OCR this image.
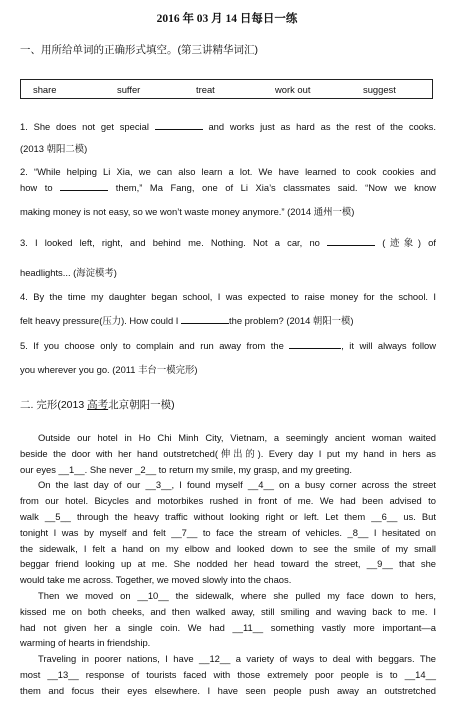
2016 年 03 月 14 日每日一练
一、用所给单词的正确形式填空。(第三讲精华词汇)
share	suffer	treat	work out	suggest
1. She does not get special	and works just as hard as the rest of the cooks.
(2013 朝阳二模)
2. “While helping Li Xia, we can also learn a lot. We have learned to cook cookies and
how to	them,” Ma Fang, one of Li Xia’s classmates said. “Now we know
making money is not easy, so we won’t waste money anymore.” (2014 通州一模)
3. I looked left, right, and behind me. Nothing. Not a car, no	(迹象) of
headlights... (海淀模考)
4. By the time my daughter began school, I was expected to raise money for the school. I
felt heavy pressure(压力). How could I	the problem? (2014 朝阳一模)
5. If you choose only to complain and run away from the	, it will always follow
you wherever you go. (2011 丰台一模完形)
二. 完形(2013 高考北京朝阳一模)
Outside our hotel in Ho Chi Minh City, Vietnam, a seemingly ancient woman waited
beside the door with her hand outstretched(伸出的). Every day I put my hand in hers as
our eyes __1__. She never _2__ to return my smile, my grasp, and my greeting.
On the last day of our __3__, I found myself __4__ on a busy corner across the street
from our hotel. Bicycles and motorbikes rushed in front of me. We had been advised to
walk __5__ through the heavy traffic without looking right or left. Let them __6__ us. But
tonight I was by myself and felt __7__ to face the stream of vehicles. _8__ I hesitated on
the sidewalk, I felt a hand on my elbow and looked down to see the smile of my small
beggar friend looking up at me. She nodded her head toward the street, __9__ that she
would take me across. Together, we moved slowly into the chaos.
Then we moved on __10__ the sidewalk, where she pulled my face down to hers,
kissed me on both cheeks, and then walked away, still smiling and waving back to me. I
had not given her a single coin. We had __11__ something vastly more important—a
warming of hearts in friendship.
Traveling in poorer nations, I have __12__ a variety of ways to deal with beggars. The
most __13__ response of tourists faced with those extremely poor people is to __14__
them and focus their eyes elsewhere. I have seen people push away an outstretched
